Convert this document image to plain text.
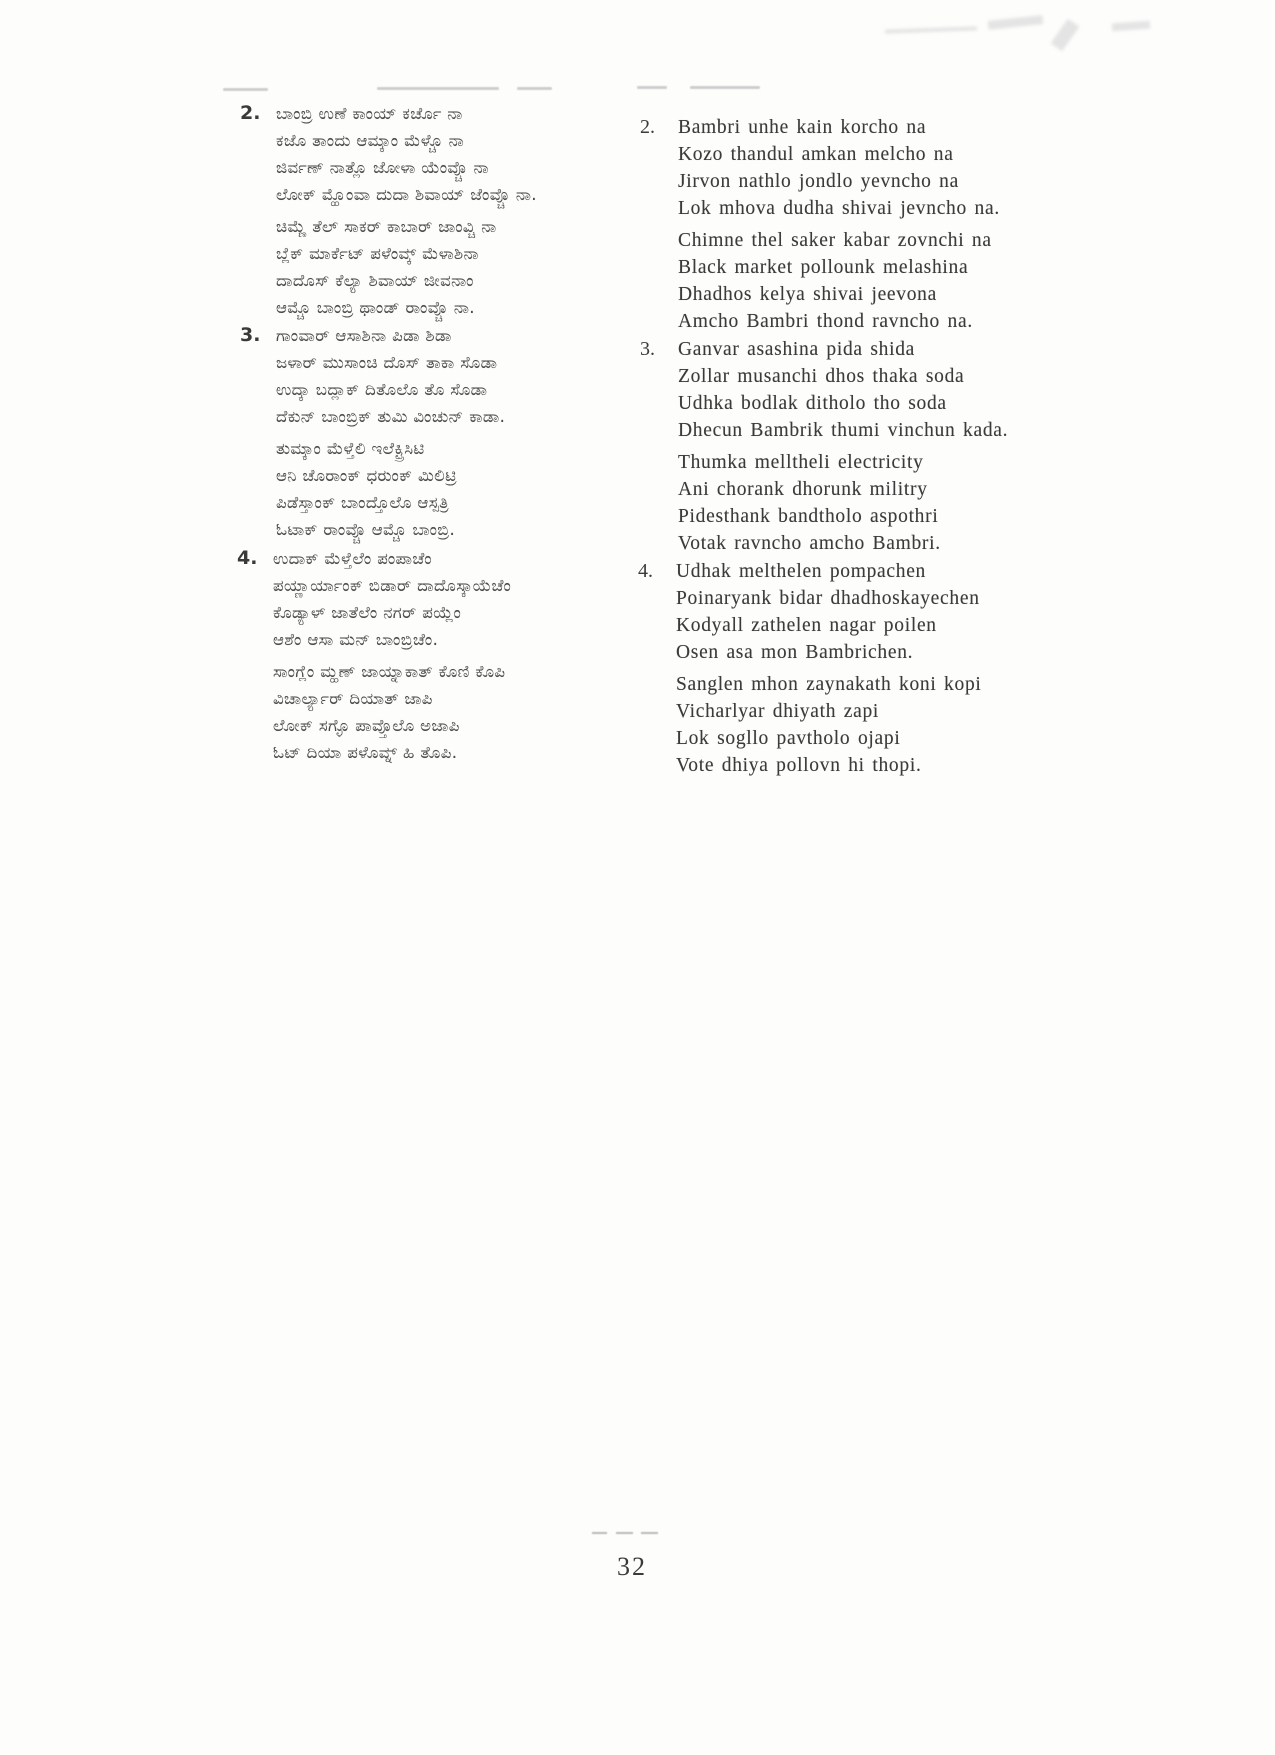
2. ಬಾಂಬ್ರಿ ಉಣೆ ಕಾಂಯ್ ಕರ್ಚೊ ನಾ
ಕಜೊ ತಾಂದು ಆಮ್ಕಾಂ ಮೆಳ್ಚೊ ನಾ
ಜಿರ್ವಣ್ ನಾತ್ಲೊ ಜೋಳಾ ಯೆಂವ್ಚೊ ನಾ
ಲೋಕ್ ಮ್ಹೊಂವಾ ದುದಾ ಶಿವಾಯ್ ಜೆಂವ್ಚೊ ನಾ.
ಚಿಮ್ಣೆ ತೆಲ್ ಸಾಕರ್ ಕಾಬಾರ್ ಜಾಂವ್ಚಿ ನಾ
ಬ್ಲೆಕ್ ಮಾರ್ಕೆಟ್ ಪಳೆಂವ್ಕ್ ಮೆಳಾಶಿನಾ
ದಾದೊಸ್ ಕೆಲ್ಯಾ ಶಿವಾಯ್ ಜೀವನಾಂ
ಆಮ್ಚೊ ಬಾಂಬ್ರಿ ಥಾಂಡ್ ರಾಂವ್ಚೊ ನಾ.
3. ಗಾಂವಾರ್ ಆಸಾಶಿನಾ ಪಿಡಾ ಶಿಡಾ
ಜಳಾರ್ ಮುಸಾಂಚಿ ದೊಸ್ ತಾಕಾ ಸೊಡಾ
ಉದ್ಕಾ ಬದ್ಲಾಕ್ ದಿತೊಲೊ ತೊ ಸೊಡಾ
ದೆಕುನ್ ಬಾಂಬ್ರಿಕ್ ತುಮಿ ವಿಂಚುನ್ ಕಾಡಾ.
ತುಮ್ಕಾಂ ಮೆಳ್ತೆಲಿ ಇಲೆಕ್ಟ್ರಿಸಿಟಿ
ಆನಿ ಚೊರಾಂಕ್ ಧರುಂಕ್ ಮಿಲಿಟ್ರಿ
ಪಿಡೆಸ್ತಾಂಕ್ ಬಾಂದ್ತೊಲೊ ಆಸ್ಪತ್ರಿ
ಓಟಾಕ್ ರಾಂವ್ಚೊ ಆಮ್ಚೊ ಬಾಂಬ್ರಿ.
4. ಉದಾಕ್ ಮೆಳ್ತೆಲೆಂ ಪಂಪಾಚೆಂ
ಪಯ್ಣಾರ್ಯಾಂಕ್ ಬಿಡಾರ್ ದಾದೊಸ್ಕಾಯೆಚೆಂ
ಕೊಡ್ಯಾಳ್ ಜಾತೆಲೆಂ ನಗರ್ ಪಯ್ಲೆಂ
ಆಶೆಂ ಆಸಾ ಮನ್ ಬಾಂಬ್ರಿಚೆಂ.
ಸಾಂಗ್ಲೆಂ ಮ್ಹಣ್ ಜಾಯ್ನಾಕಾತ್ ಕೊಣಿ ಕೊಪಿ
ವಿಚಾರ್ಲ್ಯಾರ್ ದಿಯಾತ್ ಜಾಪಿ
ಲೋಕ್ ಸಗ್ಳೊ ಪಾವ್ತೊಲೊ ಅಜಾಪಿ
ಓಟ್ ದಿಯಾ ಪಳೊವ್ನ್ ಹಿ ತೊಪಿ.
2.	Bambri unhe kain korcho na
Kozo thandul amkan melcho na
Jirvon nathlo jondlo yevncho na
Lok mhova dudha shivai jevncho na.
Chimne thel saker kabar zovnchi na
Black market pollounk melashina
Dhadhos kelya shivai jeevona
Amcho Bambri thond ravncho na.
3.	Ganvar asashina pida shida
Zollar musanchi dhos thaka soda
Udhka bodlak ditholo tho soda
Dhecun Bambrik thumi vinchun kada.
Thumka melltheli electricity
Ani chorank dhorunk militry
Pidesthank bandtholo aspothri
Votak ravncho amcho Bambri.
4.	Udhak melthelen pompachen
Poinaryank bidar dhadhoskayechen
Kodyall zathelen nagar poilen
Osen asa mon Bambrichen.
Sanglen mhon zaynakath koni kopi
Vicharlyar dhiyath zapi
Lok sogllo pavtholo ojapi
Vote dhiya pollovn hi thopi.
32
